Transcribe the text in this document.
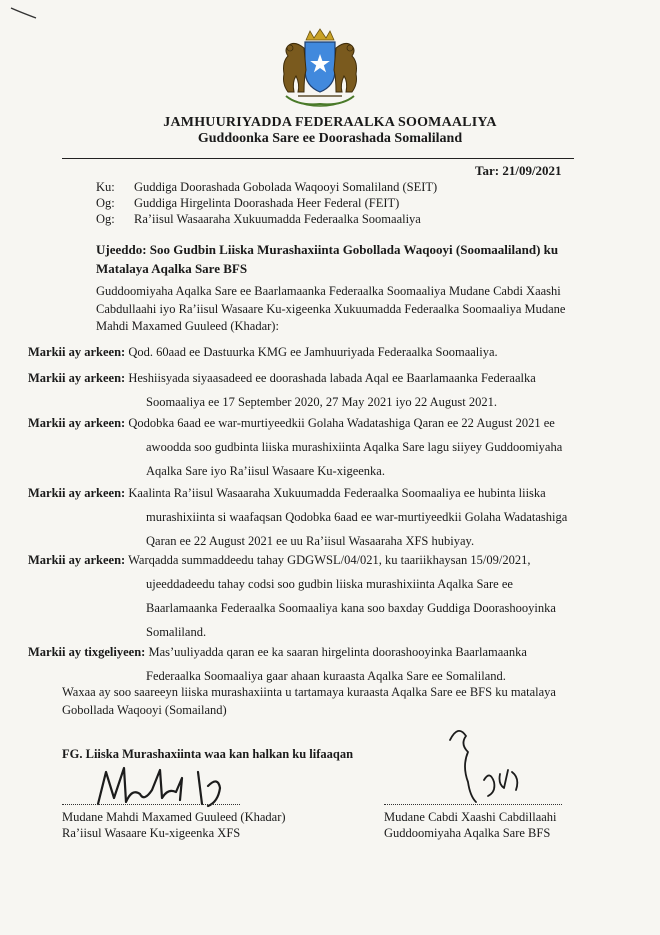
JAMHUURIYADDA FEDERAALKA SOOMAALIYA
Guddoonka Sare ee Doorashada Somaliland
Tar: 21/09/2021
Ku: Guddiga Doorashada Gobolada Waqooyi Somaliland (SEIT)
Og: Guddiga Hirgelinta Doorashada Heer Federal (FEIT)
Og: Ra’iisul Wasaaraha Xukuumadda Federaalka Soomaaliya
Ujeeddo: Soo Gudbin Liiska Murashaxiinta Gobollada Waqooyi (Soomaaliland) ku
Matalaya Aqalka Sare BFS
Guddoomiyaha Aqalka Sare ee Baarlamaanka Federaalka Soomaaliya Mudane Cabdi Xaashi
Cabdullaahi iyo Ra’iisul Wasaare Ku-xigeenka Xukuumadda Federaalka Soomaaliya Mudane
Mahdi Maxamed Guuleed (Khadar):
Markii ay arkeen: Qod. 60aad ee Dastuurka KMG ee Jamhuuriyada Federaalka Soomaaliya.
Markii ay arkeen: Heshiisyada siyaasadeed ee doorashada labada Aqal ee Baarlamaanka Federaalka
Soomaaliya ee 17 September 2020, 27 May 2021 iyo 22 August 2021.
Markii ay arkeen: Qodobka 6aad ee war-murtiyeedkii Golaha Wadatashiga Qaran ee 22 August 2021 ee
awoodda soo gudbinta liiska murashixiinta Aqalka Sare lagu siiyey Guddoomiyaha
Aqalka Sare iyo Ra’iisul Wasaare Ku-xigeenka.
Markii ay arkeen: Kaalinta Ra’iisul Wasaaraha Xukuumadda Federaalka Soomaaliya ee hubinta liiska
murashixiinta si waafaqsan Qodobka 6aad ee war-murtiyeedkii Golaha Wadatashiga
Qaran ee 22 August 2021 ee uu Ra’iisul Wasaaraha XFS hubiyay.
Markii ay arkeen: Warqadda summaddeedu tahay GDGWSL/04/021, ku taariikhaysan 15/09/2021,
ujeeddadeedu tahay codsi soo gudbin liiska murashixiinta Aqalka Sare ee
Baarlamaanka Federaalka Soomaaliya kana soo baxday Guddiga Doorashooyinka
Somaliland.
Markii ay tixgeliyeen: Mas’uuliyadda qaran ee ka saaran hirgelinta doorashooyinka Baarlamaanka
Federaalka Soomaaliya gaar ahaan kuraasta Aqalka Sare ee Somaliland.
Waxaa ay soo saareeyn liiska murashaxiinta u tartamaya kuraasta Aqalka Sare ee BFS ku matalaya
Gobollada Waqooyi (Somailand)
FG. Liiska Murashaxiinta waa kan halkan ku lifaaqan
Mudane Mahdi Maxamed Guuleed (Khadar)
Ra’iisul Wasaare Ku-xigeenka XFS
Mudane Cabdi Xaashi Cabdillaahi
Guddoomiyaha Aqalka Sare BFS
